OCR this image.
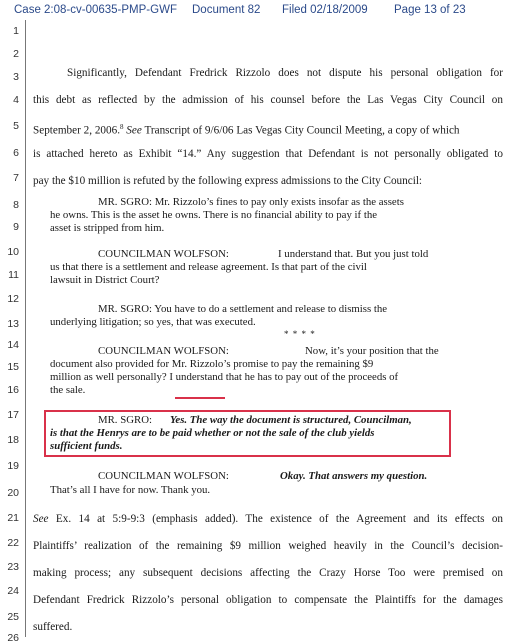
Case 2:08-cv-00635-PMP-GWF Document 82 Filed 02/18/2009 Page 13 of 23
1
2
3
4
5
6
7
8
9
10
11
12
13
14
15
16
17
18
19
20
21
22
23
24
25
26
Significantly, Defendant Fredrick Rizzolo does not dispute his personal obligation for
this debt as reflected by the admission of his counsel before the Las Vegas City Council on
September 2, 2006.$^8$ See Transcript of 9/6/06 Las Vegas City Council Meeting, a copy of which
is attached hereto as Exhibit “14.” Any suggestion that Defendant is not personally obligated to
pay the $10 million is refuted by the following express admissions to the City Council:
MR. SGRO: Mr. Rizzolo’s fines to pay only exists insofar as the assets
he owns. This is the asset he owns. There is no financial ability to pay if the
asset is stripped from him.
COUNCILMAN WOLFSON:	I understand that. But you just told
us that there is a settlement and release agreement. Is that part of the civil
lawsuit in District Court?
MR. SGRO: You have to do a settlement and release to dismiss the
underlying litigation; so yes, that was executed.
* * * *
COUNCILMAN WOLFSON:	Now, it’s your position that the
document also provided for Mr. Rizzolo’s promise to pay the remaining $9
million as well personally? I understand that he has to pay out of the proceeds of
the sale.
MR. SGRO: Yes. The way the document is structured, Councilman,
is that the Henrys are to be paid whether or not the sale of the club yields
sufficient funds.
COUNCILMAN WOLFSON:	Okay. That answers my question.
That’s all I have for now. Thank you.
See Ex. 14 at 5:9-9:3 (emphasis added). The existence of the Agreement and its effects on
Plaintiffs’ realization of the remaining $9 million weighed heavily in the Council’s decision-
making process; any subsequent decisions affecting the Crazy Horse Too were premised on
Defendant Fredrick Rizzolo’s personal obligation to compensate the Plaintiffs for the damages
suffered.
